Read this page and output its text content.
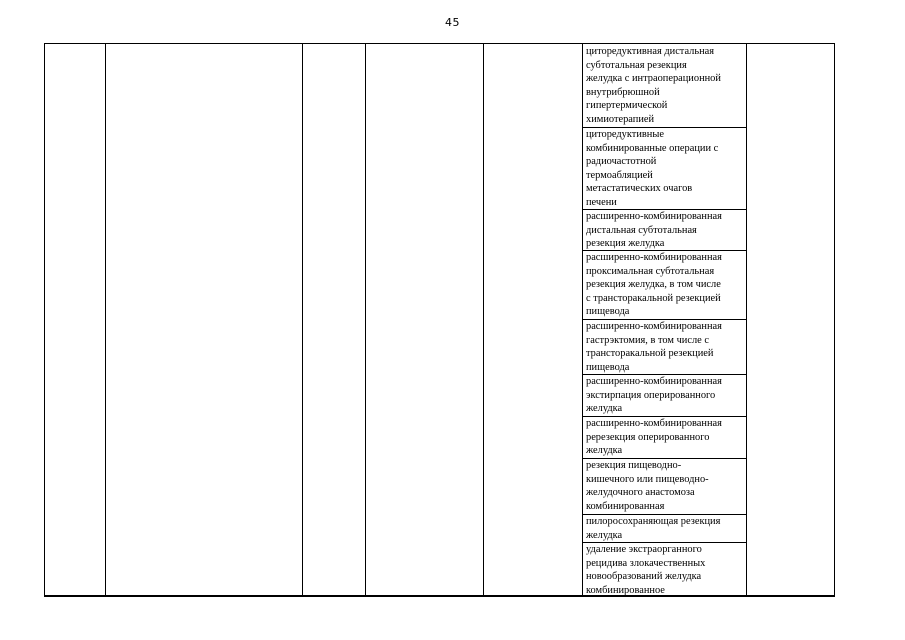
45
циторедуктивная дистальная
субтотальная резекция
желудка с интраоперационной
внутрибрюшной
гипертермической
химиотерапией
циторедуктивные
комбинированные операции с
радиочастотной
термоабляцией
метастатических очагов
печени
расширенно-комбинированная
дистальная субтотальная
резекция желудка
расширенно-комбинированная
проксимальная субтотальная
резекция желудка, в том числе
с трансторакальной резекцией
пищевода
расширенно-комбинированная
гастрэктомия, в том числе с
трансторакальной резекцией
пищевода
расширенно-комбинированная
экстирпация оперированного
желудка
расширенно-комбинированная
ререзекция оперированного
желудка
резекция пищеводно-
кишечного или пищеводно-
желудочного анастомоза
комбинированная
пилоросохраняющая резекция
желудка
удаление экстраорганного
рецидива злокачественных
новообразований желудка
комбинированное
